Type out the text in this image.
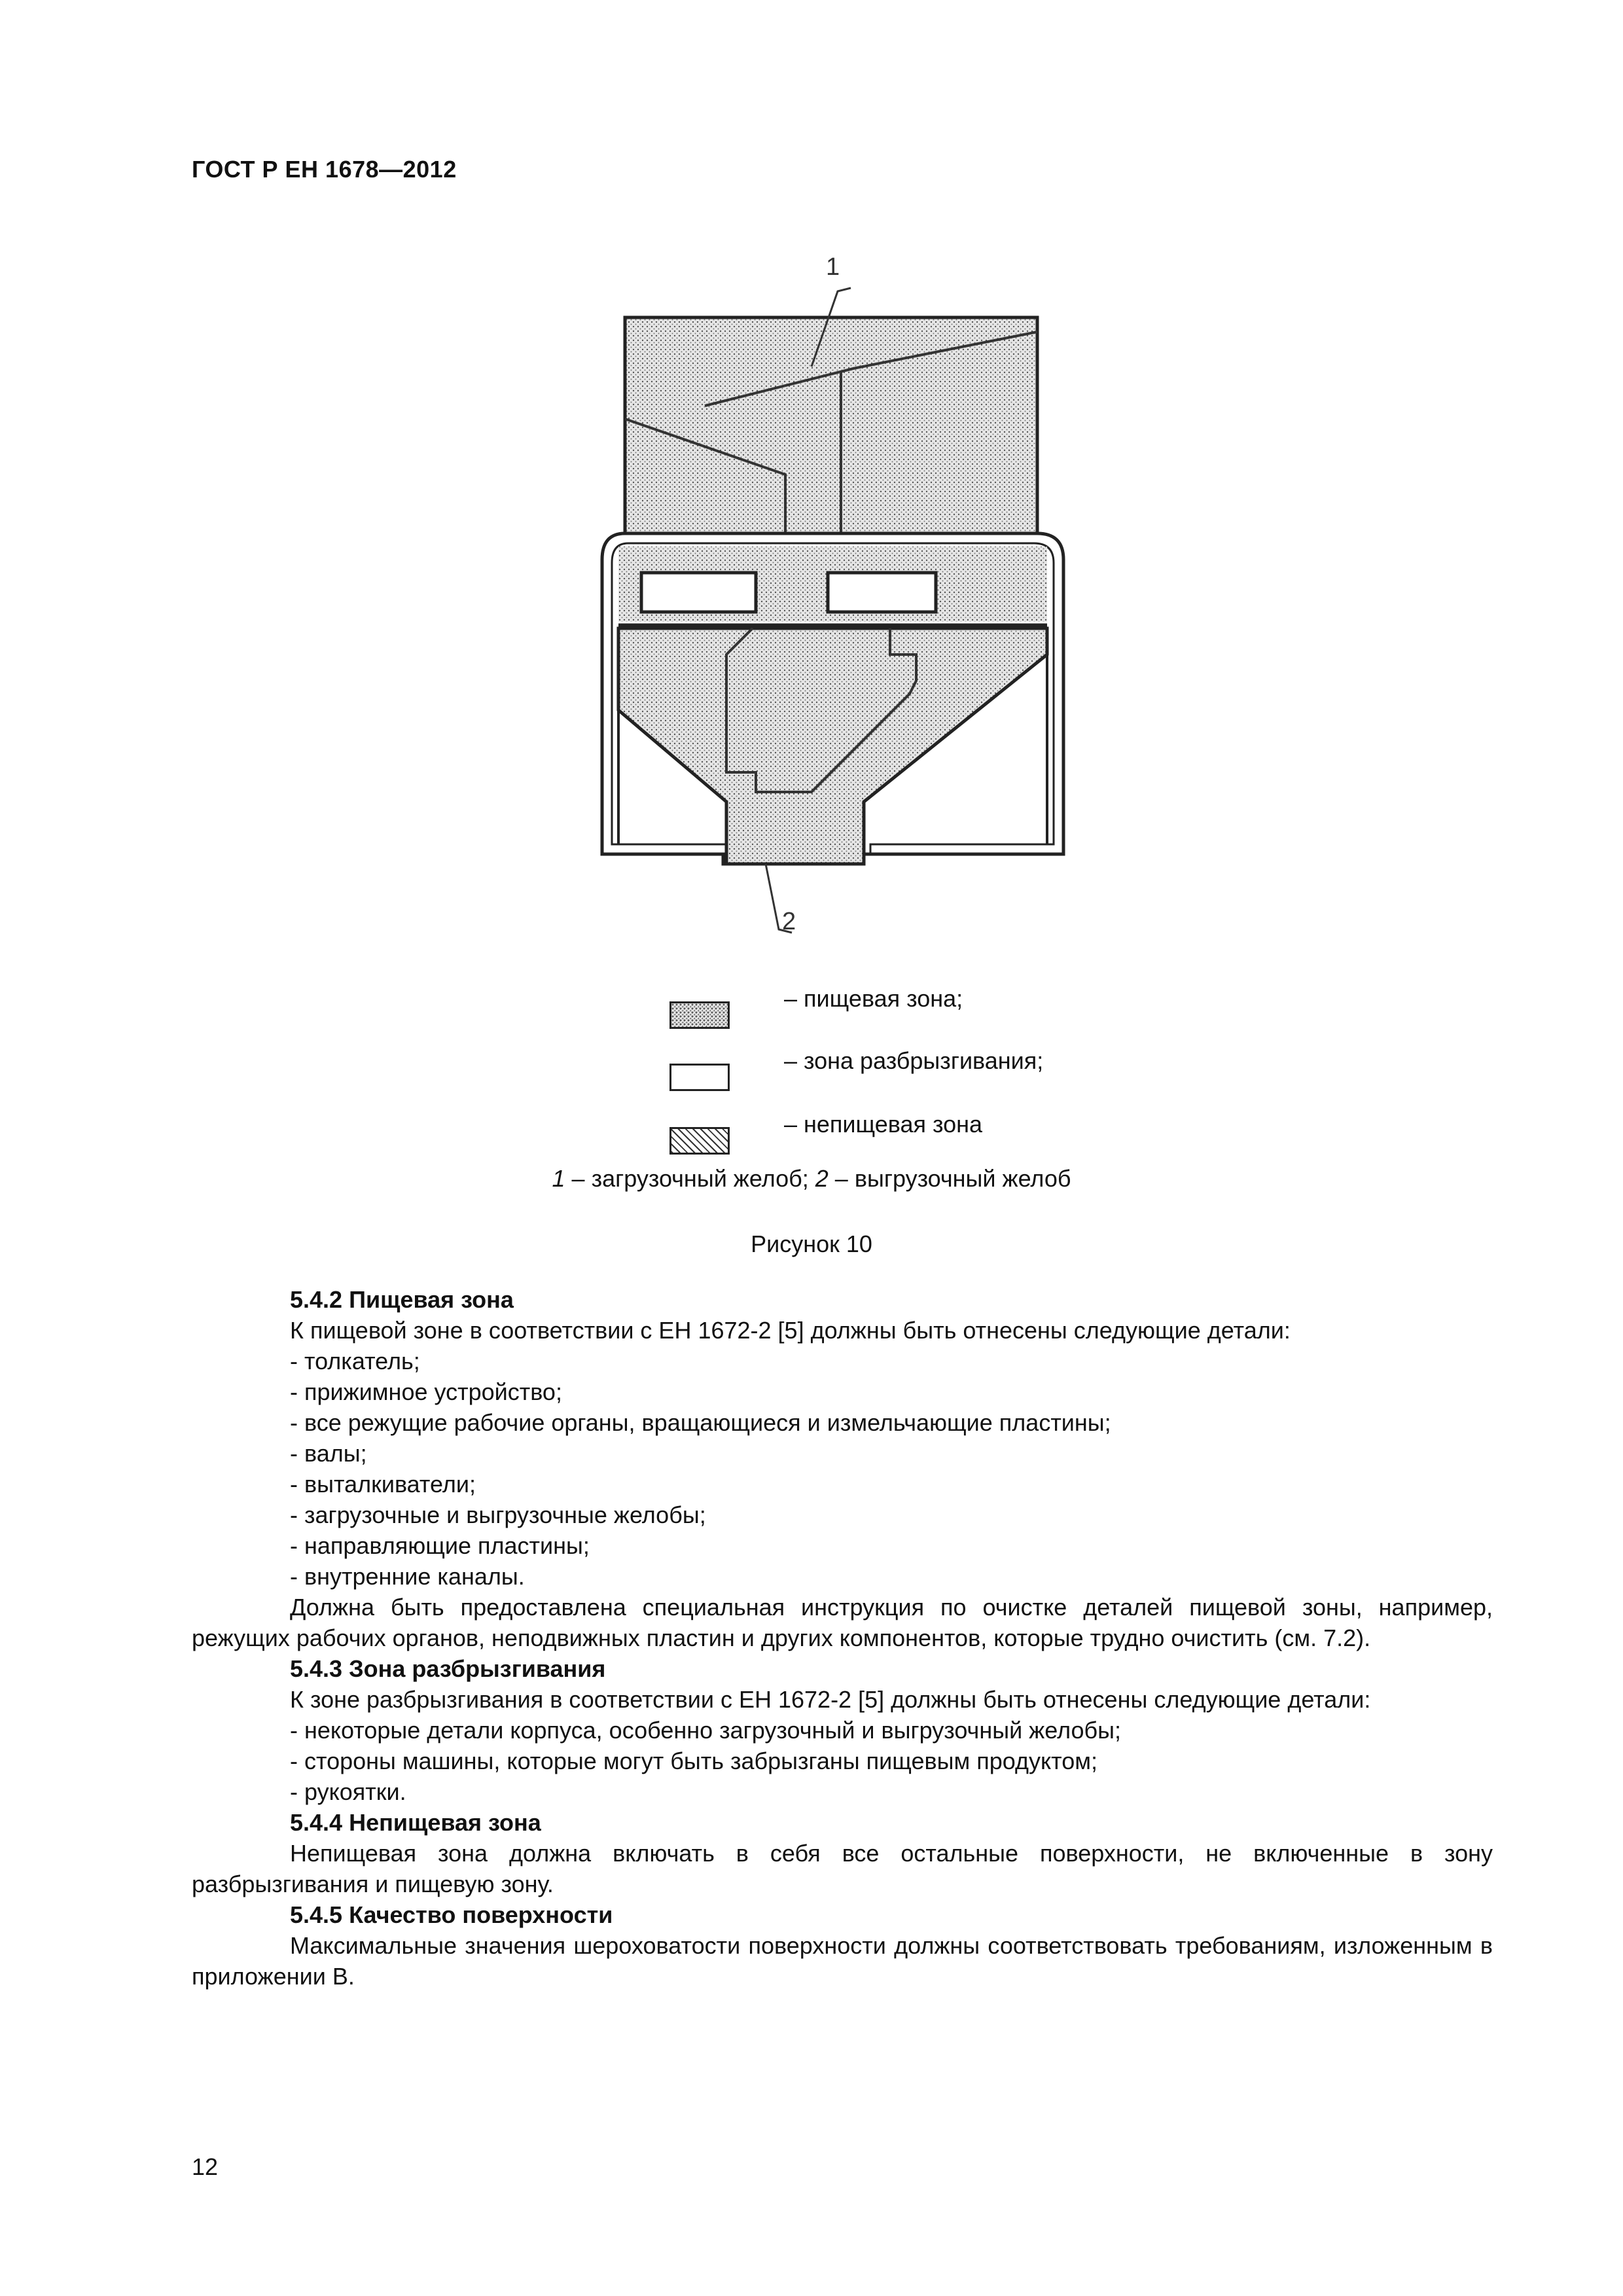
ГОСТ Р ЕН 1678—2012
1
2
– пищевая зона;
– зона разбрызгивания;
– непищевая зона
1 – загрузочный желоб; 2 – выгрузочный желоб
Рисунок 10

5.4.2 Пищевая зона

К пищевой зоне в соответствии с ЕН 1672-2 [5] должны быть отнесены следующие детали:

- толкатель;

- прижимное устройство;

- все режущие рабочие органы, вращающиеся и измельчающие пластины;

- валы;

- выталкиватели;

- загрузочные и выгрузочные желобы;

- направляющие пластины;

- внутренние каналы.

Должна быть предоставлена специальная инструкция по очистке деталей пищевой зоны, например, режущих рабочих органов, неподвижных пластин и других компонентов, которые трудно очистить (см. 7.2).

5.4.3 Зона разбрызгивания

К зоне разбрызгивания в соответствии с ЕН 1672-2 [5] должны быть отнесены следующие детали:

- некоторые детали корпуса, особенно загрузочный и выгрузочный желобы;

- стороны машины, которые могут быть забрызганы пищевым продуктом;

- рукоятки.

5.4.4 Непищевая зона

Непищевая зона должна включать в себя все остальные поверхности, не включенные в зону разбрызгивания и пищевую зону.

5.4.5 Качество поверхности

Максимальные значения шероховатости поверхности должны соответствовать требованиям, изложенным в приложении В.

12
